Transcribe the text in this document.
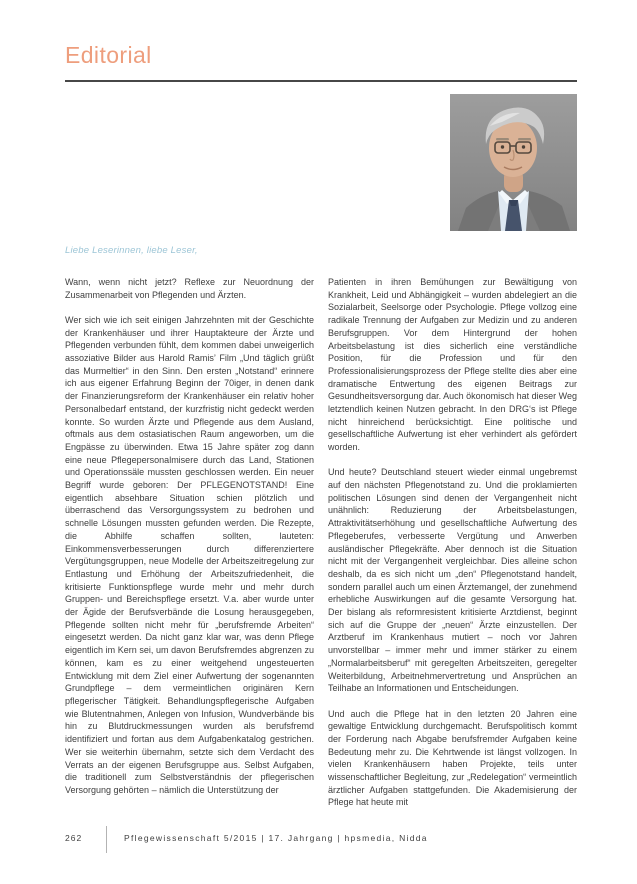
Editorial

Liebe Leserinnen, liebe Leser,

Wann, wenn nicht jetzt? Reflexe zur Neuordnung der Zusammenarbeit von Pflegenden und Ärzten.

Wer sich wie ich seit einigen Jahrzehnten mit der Geschichte der Krankenhäuser und ihrer Hauptakteure der Ärzte und Pflegenden verbunden fühlt, dem kommen dabei unweigerlich assoziative Bilder aus Harold Ramis’ Film „Und täglich grüßt das Murmeltier“ in den Sinn. Den ersten „Notstand“ erinnere ich aus eigener Erfahrung Beginn der 70iger, in denen dank der Finanzierungsreform der Krankenhäuser ein relativ hoher Personalbedarf entstand, der kurzfristig nicht gedeckt werden konnte. So wurden Ärzte und Pflegende aus dem Ausland, oftmals aus dem ostasiatischen Raum angeworben, um die Engpässe zu überwinden. Etwa 15 Jahre später zog dann eine neue Pflegepersonalmisere durch das Land, Stationen und Operationssäle mussten geschlossen werden. Ein neuer Begriff wurde geboren: Der PFLEGENOTSTAND! Eine eigentlich absehbare Situation schien plötzlich und überraschend das Versorgungssystem zu bedrohen und schnelle Lösungen mussten gefunden werden. Die Rezepte, die Abhilfe schaffen sollten, lauteten: Einkommensverbesserungen durch differenziertere Vergütungsgruppen, neue Modelle der Arbeitszeitregelung zur Entlastung und Erhöhung der Arbeitszufriedenheit, die kritisierte Funktionspflege wurde mehr und mehr durch Gruppen- und Bereichspflege ersetzt. V.a. aber wurde unter der Ägide der Berufsverbände die Losung herausgegeben, Pflegende sollten nicht mehr für „berufsfremde Arbeiten“ eingesetzt werden. Da nicht ganz klar war, was denn Pflege eigentlich im Kern sei, um davon Berufsfremdes abgrenzen zu können, kam es zu einer weitgehend ungesteuerten Entwicklung mit dem Ziel einer Aufwertung der sogenannten Grundpflege – dem vermeintlichen originären Kern pflegerischer Tätigkeit. Behandlungspflegerische Aufgaben wie Blutentnahmen, Anlegen von Infusion, Wundverbände bis hin zu Blutdruckmessungen wurden als berufsfremd identifiziert und fortan aus dem Aufgabenkatalog gestrichen. Wer sie weiterhin übernahm, setzte sich dem Verdacht des Verrats an der eigenen Berufsgruppe aus. Selbst Aufgaben, die traditionell zum Selbstverständnis der pflegerischen Versorgung gehörten – nämlich die Unterstützung der

Patienten in ihren Bemühungen zur Bewältigung von Krankheit, Leid und Abhängigkeit – wurden abdelegiert an die Sozialarbeit, Seelsorge oder Psychologie. Pflege vollzog eine radikale Trennung der Aufgaben zur Medizin und zu anderen Berufsgruppen. Vor dem Hintergrund der hohen Arbeitsbelastung ist dies sicherlich eine verständliche Position, für die Profession und für den Professionalisierungsprozess der Pflege stellte dies aber eine dramatische Entwertung des eigenen Beitrags zur Gesundheitsversorgung dar. Auch ökonomisch hat dieser Weg letztendlich keinen Nutzen gebracht. In den DRG‘s ist Pflege nicht hinreichend berücksichtigt. Eine politische und gesellschaftliche Aufwertung ist eher verhindert als gefördert worden.

Und heute? Deutschland steuert wieder einmal ungebremst auf den nächsten Pflegenotstand zu. Und die proklamierten politischen Lösungen sind denen der Vergangenheit nicht unähnlich: Reduzierung der Arbeitsbelastungen, Attraktivitätserhöhung und gesellschaftliche Aufwertung des Pflegeberufes, verbesserte Vergütung und Anwerben ausländischer Pflegekräfte. Aber dennoch ist die Situation nicht mit der Vergangenheit vergleichbar. Dies alleine schon deshalb, da es sich nicht um „den“ Pflegenotstand handelt, sondern parallel auch um einen Ärztemangel, der zunehmend erhebliche Auswirkungen auf die gesamte Versorgung hat. Der bislang als reformresistent kritisierte Arztdienst, beginnt sich auf die Gruppe der „neuen“ Ärzte einzustellen. Der Arztberuf im Krankenhaus mutiert – noch vor Jahren unvorstellbar – immer mehr und immer stärker zu einem „Normalarbeitsberuf“ mit geregelten Arbeitszeiten, geregelter Weiterbildung, Arbeitnehmervertretung und Ansprüchen an Teilhabe an Informationen und Entscheidungen.

Und auch die Pflege hat in den letzten 20 Jahren eine gewaltige Entwicklung durchgemacht. Berufspolitisch kommt der Forderung nach Abgabe berufsfremder Aufgaben keine Bedeutung mehr zu. Die Kehrtwende ist längst vollzogen. In vielen Krankenhäusern haben Projekte, teils unter wissenschaftlicher Begleitung, zur „Redelegation“ vermeintlich ärztlicher Aufgaben stattgefunden. Die Akademisierung der Pflege hat heute mit

262	Pflegewissenschaft 5/2015 | 17. Jahrgang | hpsmedia, Nidda
